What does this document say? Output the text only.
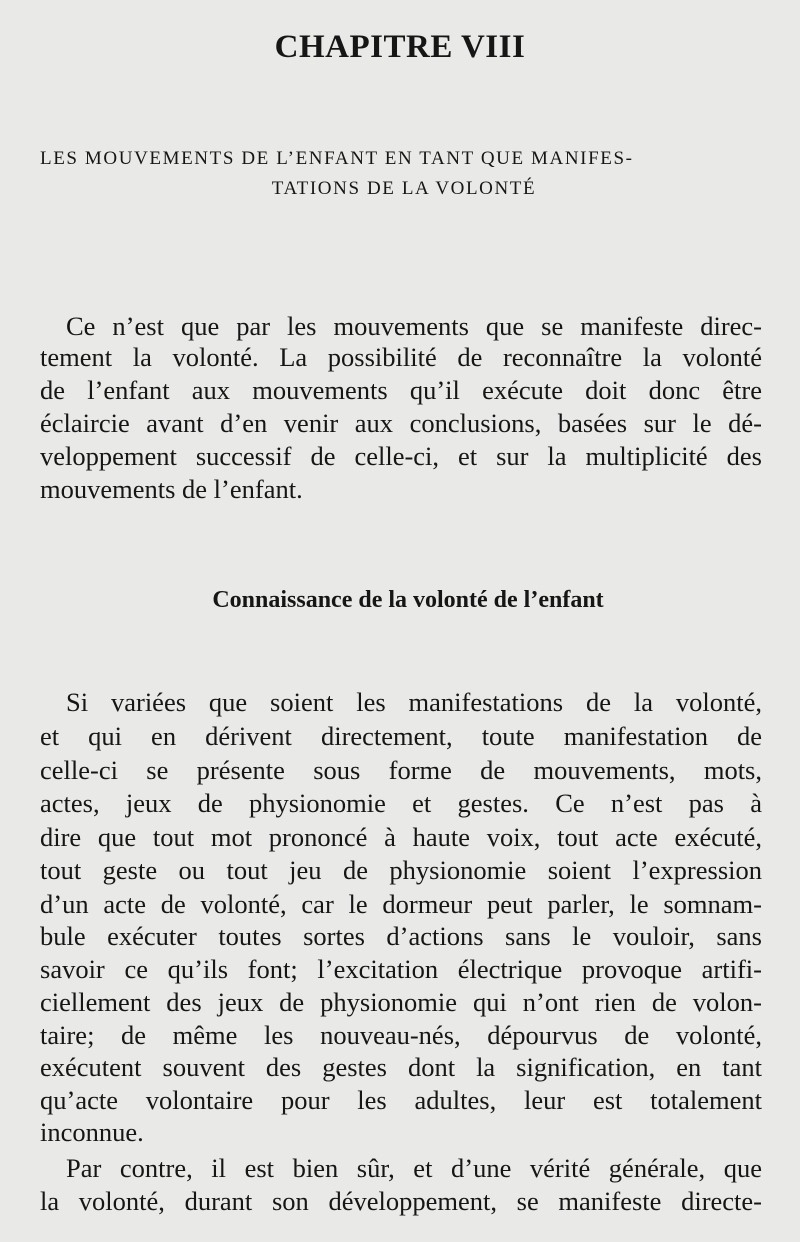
CHAPITRE VIII

LES MOUVEMENTS DE L’ENFANT EN TANT QUE MANIFES-

TATIONS DE LA VOLONTÉ

Ce n’est que par les mouvements que se manifeste direc-

tement la volonté. La possibilité de reconnaître la volonté

de l’enfant aux mouvements qu’il exécute doit donc être

éclaircie avant d’en venir aux conclusions, basées sur le dé-

veloppement successif de celle-ci, et sur la multiplicité des

mouvements de l’enfant.

Connaissance de la volonté de l’enfant

Si variées que soient les manifestations de la volonté,

et qui en dérivent directement, toute manifestation de

celle-ci se présente sous forme de mouvements, mots,

actes, jeux de physionomie et gestes. Ce n’est pas à

dire que tout mot prononcé à haute voix, tout acte exécuté,

tout geste ou tout jeu de physionomie soient l’expression

d’un acte de volonté, car le dormeur peut parler, le somnam-

bule exécuter toutes sortes d’actions sans le vouloir, sans

savoir ce qu’ils font; l’excitation électrique provoque artifi-

ciellement des jeux de physionomie qui n’ont rien de volon-

taire; de même les nouveau-nés, dépourvus de volonté,

exécutent souvent des gestes dont la signification, en tant

qu’acte volontaire pour les adultes, leur est totalement

inconnue.

Par contre, il est bien sûr, et d’une vérité générale, que

la volonté, durant son développement, se manifeste directe-
